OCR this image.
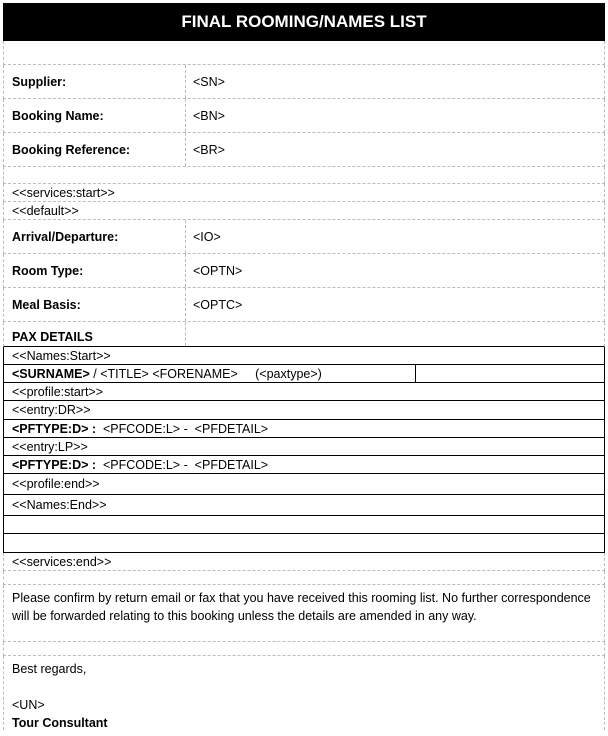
FINAL ROOMING/NAMES LIST
Supplier:	<SN>
Booking Name:	<BN>
Booking Reference:	<BR>
<<services:start>>
<<default>>
Arrival/Departure:	<IO>
Room Type:	<OPTN>
Meal Basis:	<OPTC>
PAX DETAILS
<<Names:Start>>
<SURNAME> / <TITLE> <FORENAME>     (<paxtype>)
<<profile:start>>
<<entry:DR>>
<PFTYPE:D> : <PFCODE:L> -  <PFDETAIL>
<<entry:LP>>
<PFTYPE:D> : <PFCODE:L> -  <PFDETAIL>
<<profile:end>>
<<Names:End>>
<<services:end>>
Please confirm by return email or fax that you have received this rooming list. No further correspondence will be forwarded relating to this booking unless the details are amended in any way.
Best regards,
<UN>
Tour Consultant
